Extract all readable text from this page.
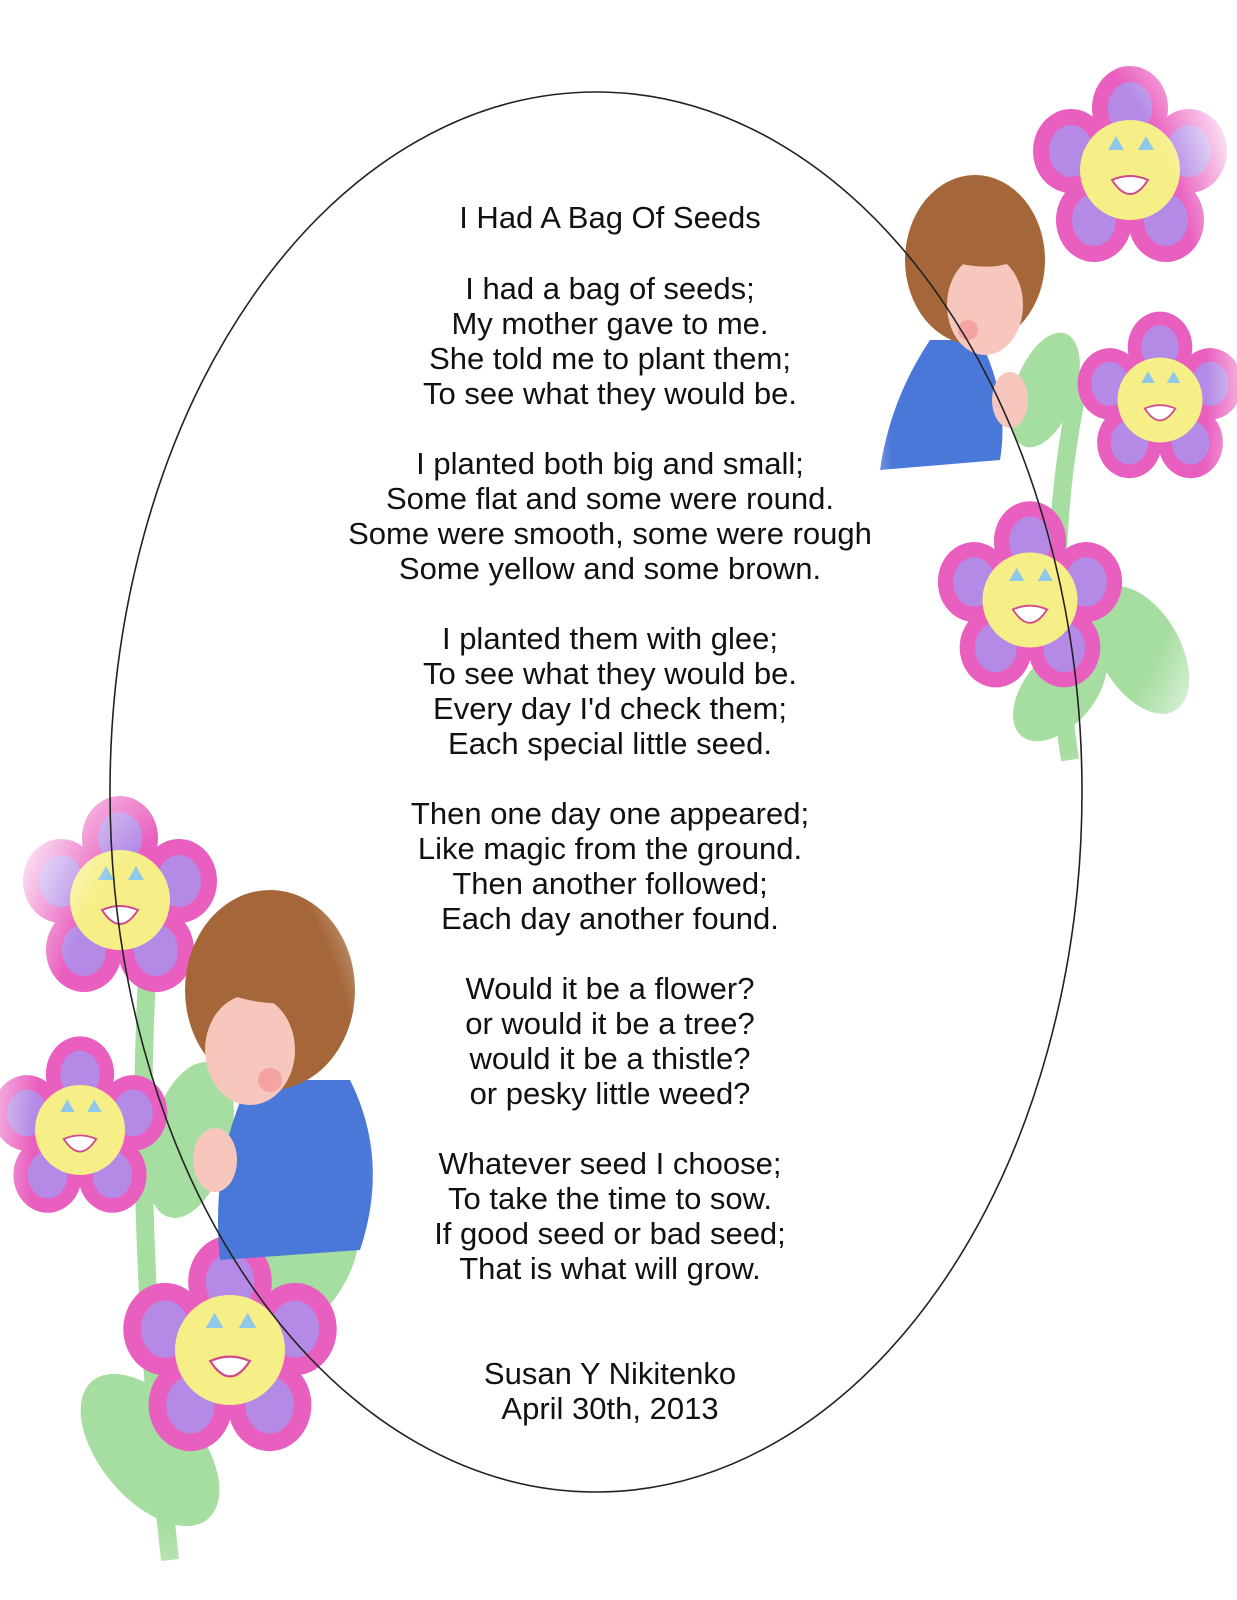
I Had A Bag Of Seeds
I had a bag of seeds;
My mother gave to me.
She told me to plant them;
To see what they would be.
I planted both big and small;
Some flat and some were round.
Some were smooth, some were rough
Some yellow and some brown.
I planted them with glee;
To see what they would be.
Every day I'd check them;
Each special little seed.
Then one day one appeared;
Like magic from the ground.
Then another followed;
Each day another found.
Would it be a flower?
or would it be a tree?
would it be a thistle?
or pesky little weed?
Whatever seed I choose;
To take the time to sow.
If good seed or bad seed;
That is what will grow.
Susan Y Nikitenko
April 30th, 2013
